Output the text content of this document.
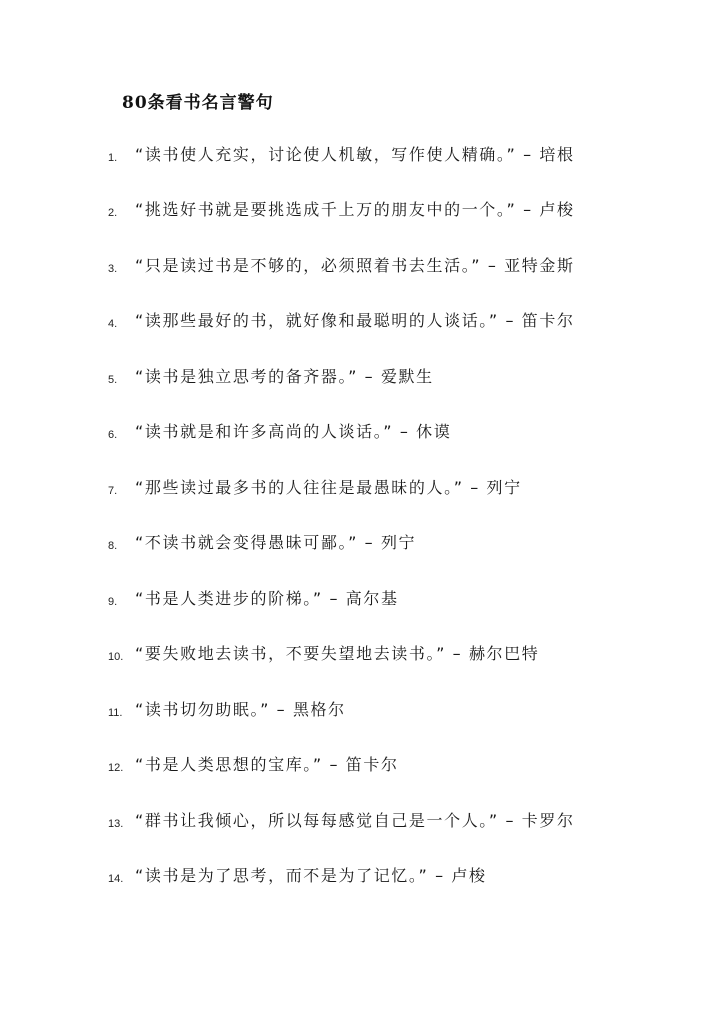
80条看书名言警句
1. “读书使人充实，讨论使人机敏，写作使人精确。” – 培根
2. “挑选好书就是要挑选成千上万的朋友中的一个。” – 卢梭
3. “只是读过书是不够的，必须照着书去生活。” – 亚特金斯
4. “读那些最好的书，就好像和最聪明的人谈话。” – 笛卡尔
5. “读书是独立思考的备齐器。” – 爱默生
6. “读书就是和许多高尚的人谈话。” – 休谟
7. “那些读过最多书的人往往是最愚昧的人。” – 列宁
8. “不读书就会变得愚昧可鄙。” – 列宁
9. “书是人类进步的阶梯。” – 高尔基
10. “要失败地去读书，不要失望地去读书。” – 赫尔巴特
11. “读书切勿助眠。” – 黑格尔
12. “书是人类思想的宝库。” – 笛卡尔
13. “群书让我倾心，所以每每感觉自己是一个人。” – 卡罗尔
14. “读书是为了思考，而不是为了记忆。” – 卢梭
